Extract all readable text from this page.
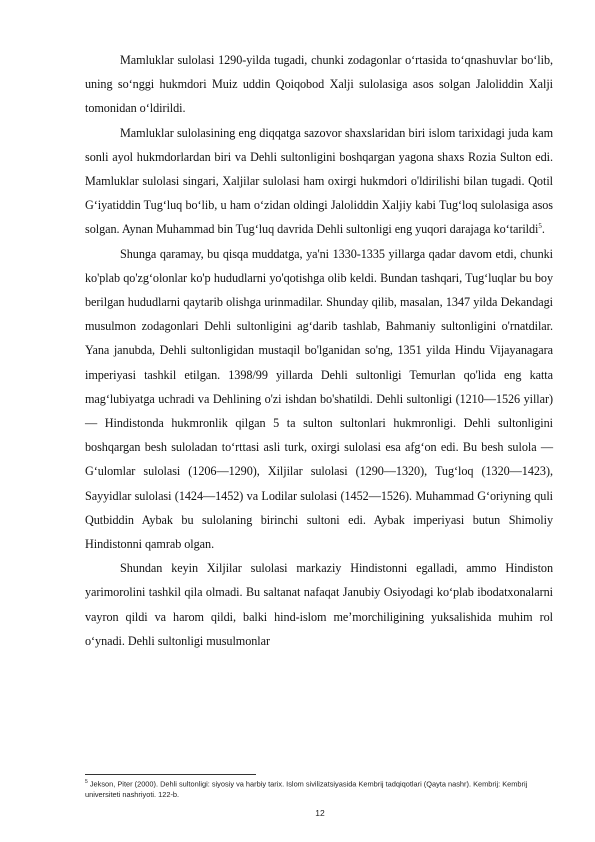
Mamluklar sulolasi 1290-yilda tugadi, chunki zodagonlar oʻrtasida toʻqnashuvlar boʻlib, uning soʻnggi hukmdori Muiz uddin Qoiqobod Xalji sulolasiga asos solgan Jaloliddin Xalji tomonidan oʻldirildi.

Mamluklar sulolasining eng diqqatga sazovor shaxslaridan biri islom tarixidagi juda kam sonli ayol hukmdorlardan biri va Dehli sultonligini boshqargan yagona shaxs Rozia Sulton edi. Mamluklar sulolasi singari, Xaljilar sulolasi ham oxirgi hukmdori o'ldirilishi bilan tugadi. Qotil G‘iyatiddin Tug‘luq bo‘lib, u ham o‘zidan oldingi Jaloliddin Xaljiy kabi Tug‘loq sulolasiga asos solgan. Aynan Muhammad bin Tug‘luq davrida Dehli sultonligi eng yuqori darajaga ko‘tarildi$^5$.

Shunga qaramay, bu qisqa muddatga, ya'ni 1330-1335 yillarga qadar davom etdi, chunki ko'plab qo'zg‘olonlar ko'p hududlarni yo'qotishga olib keldi. Bundan tashqari, Tug‘luqlar bu boy berilgan hududlarni qaytarib olishga urinmadilar. Shunday qilib, masalan, 1347 yilda Dekandagi musulmon zodagonlari Dehli sultonligini ag‘darib tashlab, Bahmaniy sultonligini o'rnatdilar. Yana janubda, Dehli sultonligidan mustaqil bo'lganidan so'ng, 1351 yilda Hindu Vijayanagara imperiyasi tashkil etilgan. 1398/99 yillarda Dehli sultonligi Temurlan qo'lida eng katta mag‘lubiyatga uchradi va Dehlining o'zi ishdan bo'shatildi. Dehli sultonligi (1210—1526 yillar) — Hindistonda hukmronlik qilgan 5 ta sulton sultonlari hukmronligi. Dehli sultonligini boshqargan besh suloladan to‘rttasi asli turk, oxirgi sulolasi esa afg‘on edi. Bu besh sulola — Gʻulomlar sulolasi (1206—1290), Xiljilar sulolasi (1290—1320), Tugʻloq (1320—1423), Sayyidlar sulolasi (1424—1452) va Lodilar sulolasi (1452—1526). Muhammad G‘oriyning quli Qutbiddin Aybak bu sulolaning birinchi sultoni edi. Aybak imperiyasi butun Shimoliy Hindistonni qamrab olgan.

Shundan keyin Xiljilar sulolasi markaziy Hindistonni egalladi, ammo Hindiston yarimorolini tashkil qila olmadi. Bu saltanat nafaqat Janubiy Osiyodagi koʻplab ibodatxonalarni vayron qildi va harom qildi, balki hind-islom meʼmorchiligining yuksalishida muhim rol oʻynadi. Dehli sultonligi musulmonlar

$^5$ Jekson, Piter (2000). Dehli sultonligi: siyosiy va harbiy tarix. Islom sivilizatsiyasida Kembrij tadqiqotlari (Qayta nashr). Kembrij: Kembrij universiteti nashriyoti. 122-b.
12
